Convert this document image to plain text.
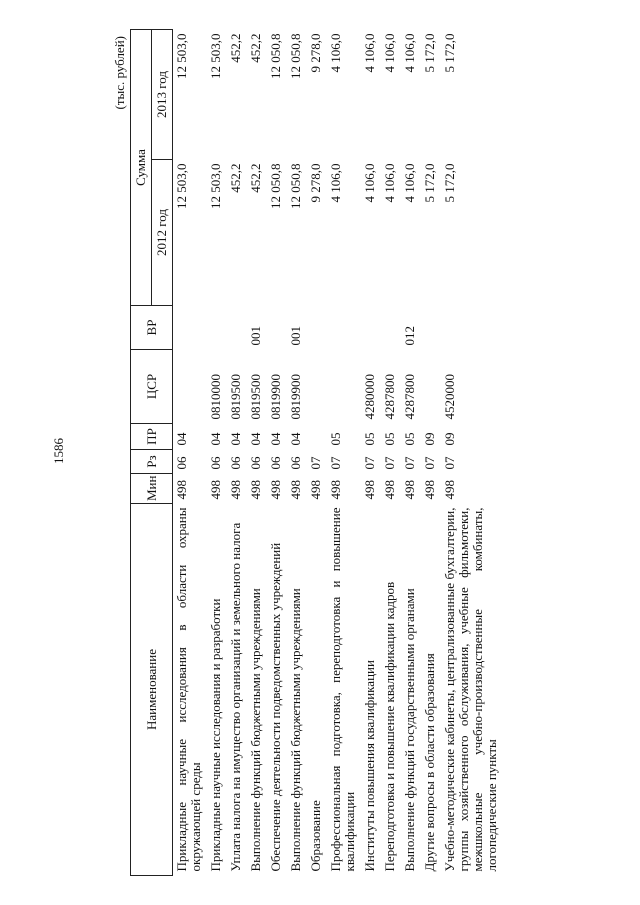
1586
(тыс. рублей)
Наименование	Мин	Рз	ПР	ЦСР	ВР	Сумма	
						2012 год	2013 год
Прикладные научные исследования в области охраны окружающей среды	498	06	04			12 503,0	12 503,0
Прикладные научные исследования и разработки	498	06	04	0810000		12 503,0	12 503,0
Уплата налога на имущество организаций и земельного налога	498	06	04	0819500		452,2	452,2
Выполнение функций бюджетными учреждениями	498	06	04	0819500	001	452,2	452,2
Обеспечение деятельности подведомственных учреждений	498	06	04	0819900		12 050,8	12 050,8
Выполнение функций бюджетными учреждениями	498	06	04	0819900	001	12 050,8	12 050,8
Образование	498	07				9 278,0	9 278,0
Профессиональная подготовка, переподготовка и повышение квалификации	498	07	05			4 106,0	4 106,0
Институты повышения квалификации	498	07	05	4280000		4 106,0	4 106,0
Переподготовка и повышение квалификации кадров	498	07	05	4287800		4 106,0	4 106,0
Выполнение функций государственными органами	498	07	05	4287800	012	4 106,0	4 106,0
Другие вопросы в области образования	498	07	09			5 172,0	5 172,0
Учебно-методические кабинеты, централизованные бухгалтерии, группы хозяйственного обслуживания, учебные фильмотеки, межшкольные учебно-производственные комбинаты, логопедические пункты	498	07	09	4520000		5 172,0	5 172,0
